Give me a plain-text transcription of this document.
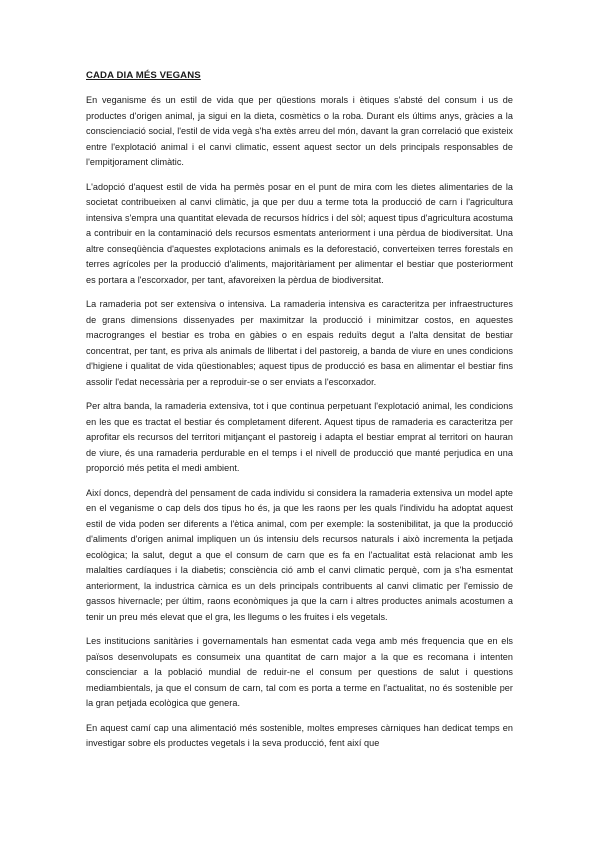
CADA DIA MÉS VEGANS

En veganisme és un estil de vida que per qüestions morals i ètiques s'absté del consum i us de productes d'origen animal, ja sigui en la dieta, cosmètics o la roba. Durant els últims anys, gràcies a la conscienciació social, l'estil de vida vegà s'ha extès arreu del món, davant la gran correlació que existeix entre l'explotació animal i el canvi climatic, essent aquest sector un dels principals responsables de l'empitjorament climàtic.

L'adopció d'aquest estil de vida ha permès posar en el punt de mira com les dietes alimentaries de la societat contribueixen al canvi climàtic, ja que per duu a terme tota la producció de carn i l'agricultura intensiva s'empra una quantitat elevada de recursos hídrics i del sòl; aquest tipus d'agricultura acostuma a contribuir en la contaminació dels recursos esmentats anteriorment i una pèrdua de biodiversitat. Una altre conseqüència d'aquestes explotacions animals es la deforestació, converteixen terres forestals en terres agrícoles per la producció d'aliments, majoritàriament per alimentar el bestiar que posteriorment es portara a l'escorxador, per tant, afavoreixen la pèrdua de biodiversitat.

La ramaderia pot ser extensiva o intensiva. La ramaderia intensiva es caracteritza per infraestructures de grans dimensions dissenyades per maximitzar la producció i minimitzar costos, en aquestes macrogranges el bestiar es troba en gàbies o en espais reduïts degut a l'alta densitat de bestiar concentrat, per tant, es priva als animals de llibertat i del pastoreig, a banda de viure en unes condicions d'higiene i qualitat de vida qüestionables; aquest tipus de producció es basa en alimentar el bestiar fins assolir l'edat necessària per a reproduir-se o ser enviats a l'escorxador.

Per altra banda, la ramaderia extensiva, tot i que continua perpetuant l'explotació animal, les condicions en les que es tractat el bestiar és completament diferent. Aquest tipus de ramaderia es caracteritza per aprofitar els recursos del territori mitjançant el pastoreig i adapta el bestiar emprat al territori on hauran de viure, és una ramaderia perdurable en el temps i el nivell de producció que manté perjudica en una proporció més petita el medi ambient.

Així doncs, dependrà del pensament de cada individu si considera la ramaderia extensiva un model apte en el veganisme o cap dels dos tipus ho és, ja que les raons per les quals l'individu ha adoptat aquest estil de vida poden ser diferents a l'ètica animal, com per exemple: la sostenibilitat, ja que la producció d'aliments d'origen animal impliquen un ús intensiu dels recursos naturals i això incrementa la petjada ecològica; la salut, degut a que el consum de carn que es fa en l'actualitat està relacionat amb les malalties cardíaques i la diabetis; consciència ció amb el canvi climatic perquè, com ja s'ha esmentat anteriorment, la industrica càrnica es un dels principals contribuents al canvi climatic per l'emissio de gassos hivernacle; per últim, raons econòmiques ja que la carn i altres productes animals acostumen a tenir un preu més elevat que el gra, les llegums o les fruites i els vegetals.

Les institucions sanitàries i governamentals han esmentat cada vega amb més frequencia que en els països desenvolupats es consumeix una quantitat de carn major a la que es recomana i intenten conscienciar a la població mundial de reduir-ne el consum per questions de salut i questions mediambientals, ja que el consum de carn, tal com es porta a terme en l'actualitat, no és sostenible per la gran petjada ecològica que genera.

En aquest camí cap una alimentació més sostenible, moltes empreses càrniques han dedicat temps en investigar sobre els productes vegetals i la seva producció, fent així que
